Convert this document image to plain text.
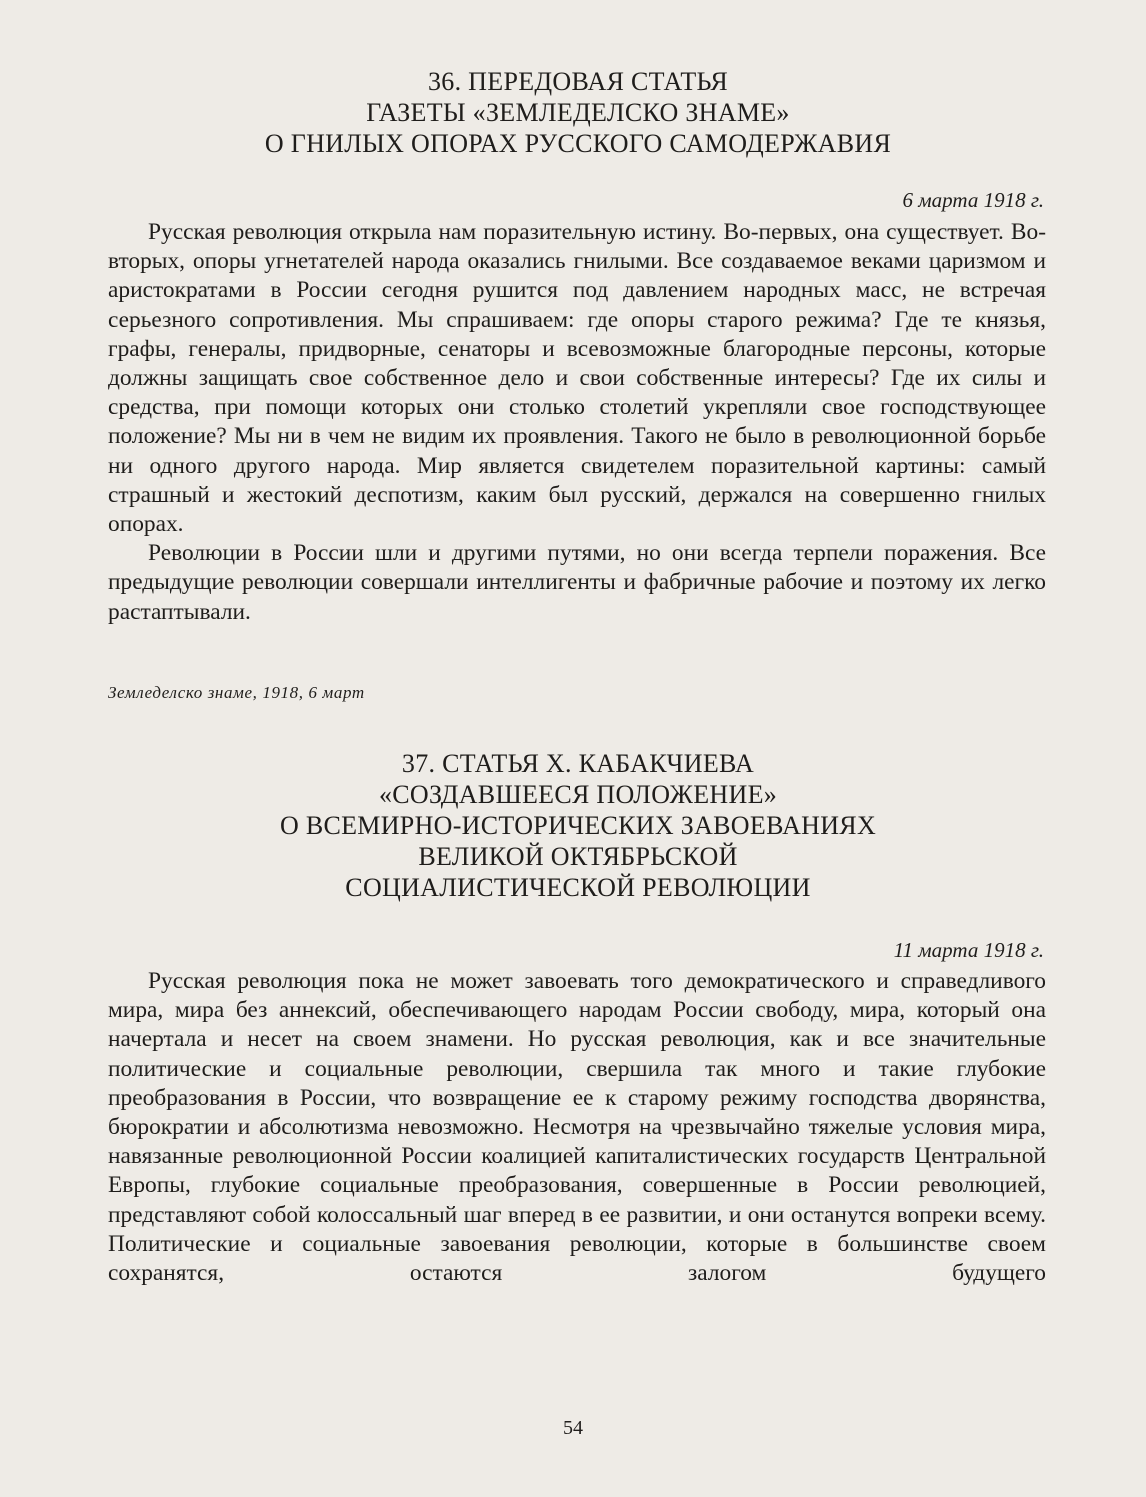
36. ПЕРЕДОВАЯ СТАТЬЯ
ГАЗЕТЫ «ЗЕМЛЕДЕЛСКО ЗНАМЕ»
О ГНИЛЫХ ОПОРАХ РУССКОГО САМОДЕРЖАВИЯ
6 марта 1918 г.

Русская революция открыла нам поразительную истину. Во-первых, она существует. Во-вторых, опоры угнетателей народа оказались гнилыми. Все создаваемое веками царизмом и аристократами в России сегодня рушится под давлением народных масс, не встречая серьезного сопротивления. Мы спрашиваем: где опоры старого режима? Где те князья, графы, генералы, придворные, сенаторы и всевозможные благородные персоны, которые должны защищать свое собственное дело и свои собственные интересы? Где их силы и средства, при помощи которых они столько столетий укрепляли свое господствующее положение? Мы ни в чем не видим их проявления. Такого не было в революционной борьбе ни одного другого народа. Мир является свидетелем поразительной картины: самый страшный и жестокий деспотизм, каким был русский, держался на совершенно гнилых опорах.

Революции в России шли и другими путями, но они всегда терпели поражения. Все предыдущие революции совершали интеллигенты и фабричные рабочие и поэтому их легко растаптывали.

Земледелско знаме, 1918, 6 март
37. СТАТЬЯ Х. КАБАКЧИЕВА
«СОЗДАВШЕЕСЯ ПОЛОЖЕНИЕ»
О ВСЕМИРНО-ИСТОРИЧЕСКИХ ЗАВОЕВАНИЯХ
ВЕЛИКОЙ ОКТЯБРЬСКОЙ
СОЦИАЛИСТИЧЕСКОЙ РЕВОЛЮЦИИ
11 марта 1918 г.

Русская революция пока не может завоевать того демократического и справедливого мира, мира без аннексий, обеспечивающего народам России свободу, мира, который она начертала и несет на своем знамени. Но русская революция, как и все значительные политические и социальные революции, свершила так много и такие глубокие преобразования в России, что возвращение ее к старому режиму господства дворянства, бюрократии и абсолютизма невозможно. Несмотря на чрезвычайно тяжелые условия мира, навязанные революционной России коалицией капиталистических государств Центральной Европы, глубокие социальные преобразования, совершенные в России революцией, представляют собой колоссальный шаг вперед в ее развитии, и они останутся вопреки всему. Политические и социальные завоевания революции, которые в большинстве своем сохранятся, остаются залогом будущего

54
